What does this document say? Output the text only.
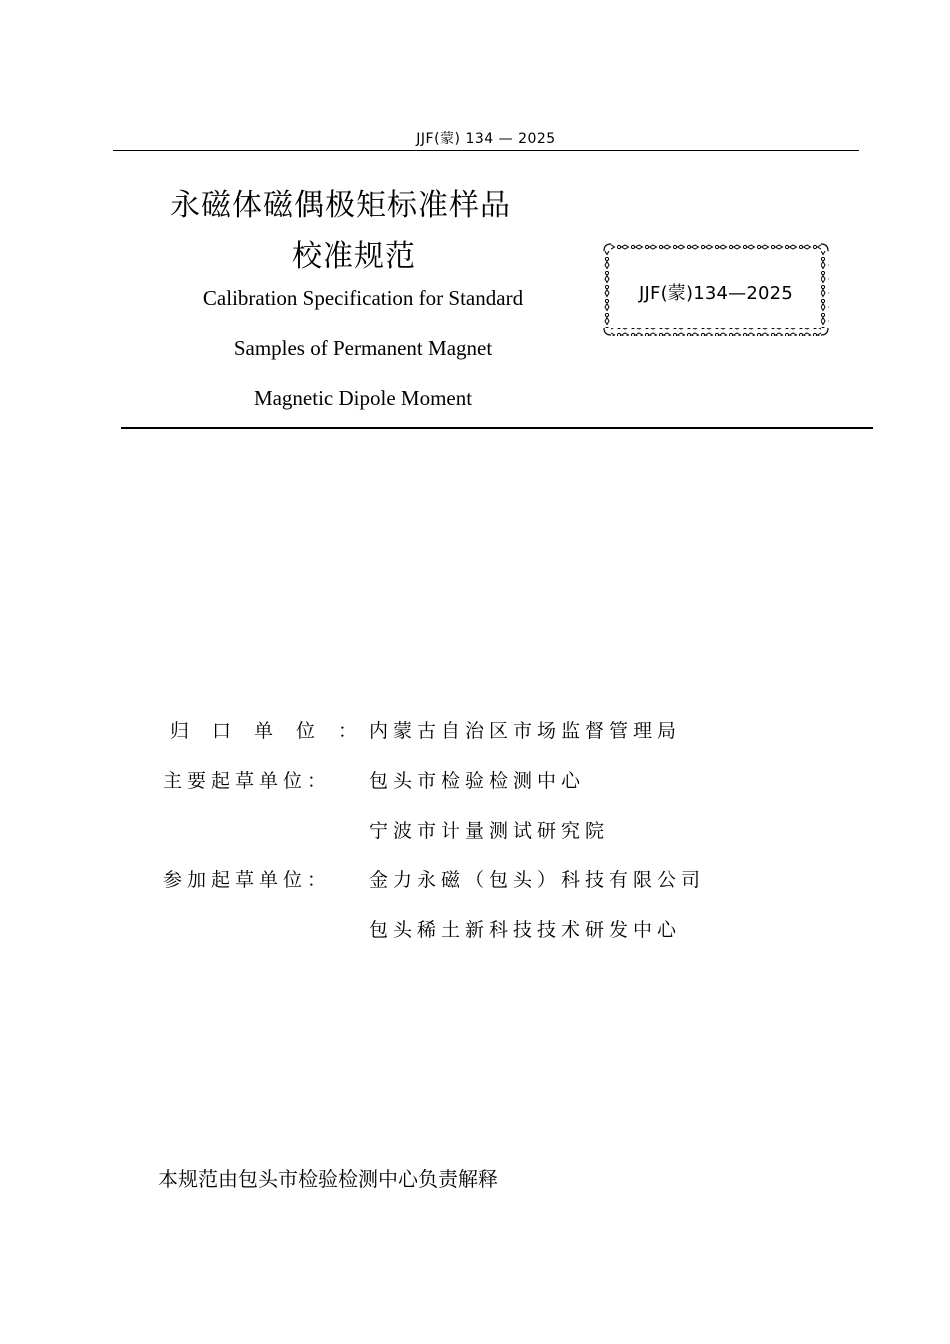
JJF(蒙) 134 — 2025
永磁体磁偶极矩标准样品
校准规范
Calibration Specification for Standard
Samples of Permanent Magnet
Magnetic Dipole Moment
JJF(蒙)134—2025
归口单位：
内蒙古自治区市场监督管理局
主要起草单位： 包头市检验检测中心
宁波市计量测试研究院
参加起草单位： 金力永磁（包头）科技有限公司
包头稀土新科技技术研发中心
本规范由包头市检验检测中心负责解释
